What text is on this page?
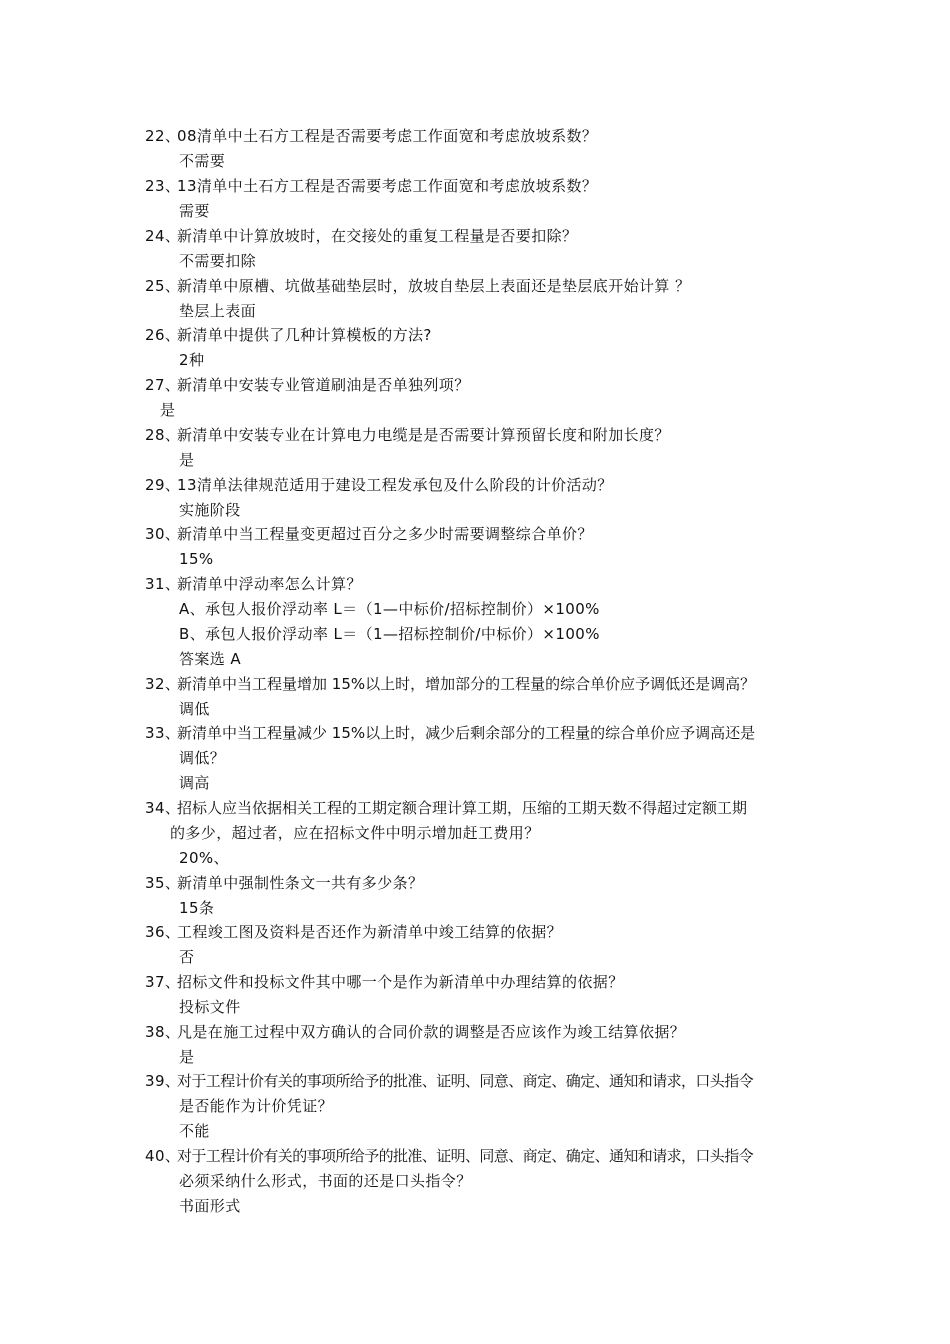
22、08清单中土石方工程是否需要考虑工作面宽和考虑放坡系数？
不需要
23、13清单中土石方工程是否需要考虑工作面宽和考虑放坡系数？
需要
24、新清单中计算放坡时，在交接处的重复工程量是否要扣除？
不需要扣除
25、新清单中原槽、坑做基础垫层时，放坡自垫层上表面还是垫层底开始计算 ？
垫层上表面
26、新清单中提供了几种计算模板的方法?
2种
27、新清单中安装专业管道刷油是否单独列项？
是
28、新清单中安装专业在计算电力电缆是是否需要计算预留长度和附加长度？
是
29、13清单法律规范适用于建设工程发承包及什么阶段的计价活动？
实施阶段
30、新清单中当工程量变更超过百分之多少时需要调整综合单价？
15%
31、新清单中浮动率怎么计算？
A、承包人报价浮动率 L＝（1—中标价/招标控制价）×100%
B、承包人报价浮动率 L＝（1—招标控制价/中标价）×100%
答案选 A
32、新清单中当工程量增加 15%以上时，增加部分的工程量的综合单价应予调低还是调高？
调低
33、新清单中当工程量减少 15%以上时，减少后剩余部分的工程量的综合单价应予调高还是
调低？
调高
34、招标人应当依据相关工程的工期定额合理计算工期，压缩的工期天数不得超过定额工期
的多少，超过者，应在招标文件中明示增加赶工费用？
20%、
35、新清单中强制性条文一共有多少条？
15条
36、工程竣工图及资料是否还作为新清单中竣工结算的依据？
否
37、招标文件和投标文件其中哪一个是作为新清单中办理结算的依据？
投标文件
38、凡是在施工过程中双方确认的合同价款的调整是否应该作为竣工结算依据？
是
39、对于工程计价有关的事项所给予的批准、证明、同意、商定、确定、通知和请求，口头指令
是否能作为计价凭证？
不能
40、对于工程计价有关的事项所给予的批准、证明、同意、商定、确定、通知和请求，口头指令
必须采纳什么形式，书面的还是口头指令？
书面形式
